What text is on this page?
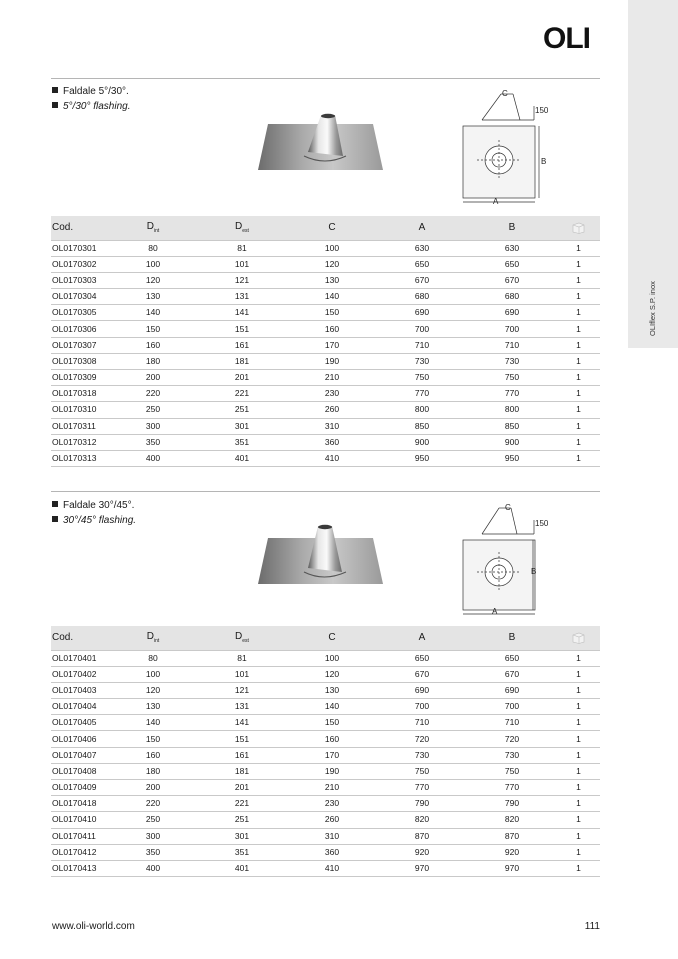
OLIflex S.P. inox
OLI
Faldale 5°/30°.
5°/30° flashing.
C
150
B
A
Cod.	$D_{int}$	$D_{est}$	C	A	B	
OL0170301	80	81	100	630	630	1
OL0170302	100	101	120	650	650	1
OL0170303	120	121	130	670	670	1
OL0170304	130	131	140	680	680	1
OL0170305	140	141	150	690	690	1
OL0170306	150	151	160	700	700	1
OL0170307	160	161	170	710	710	1
OL0170308	180	181	190	730	730	1
OL0170309	200	201	210	750	750	1
OL0170318	220	221	230	770	770	1
OL0170310	250	251	260	800	800	1
OL0170311	300	301	310	850	850	1
OL0170312	350	351	360	900	900	1
OL0170313	400	401	410	950	950	1
Faldale 30°/45°.
30°/45° flashing.
C
150
B
A
Cod.	$D_{int}$	$D_{est}$	C	A	B	
OL0170401	80	81	100	650	650	1
OL0170402	100	101	120	670	670	1
OL0170403	120	121	130	690	690	1
OL0170404	130	131	140	700	700	1
OL0170405	140	141	150	710	710	1
OL0170406	150	151	160	720	720	1
OL0170407	160	161	170	730	730	1
OL0170408	180	181	190	750	750	1
OL0170409	200	201	210	770	770	1
OL0170418	220	221	230	790	790	1
OL0170410	250	251	260	820	820	1
OL0170411	300	301	310	870	870	1
OL0170412	350	351	360	920	920	1
OL0170413	400	401	410	970	970	1
www.oli-world.com	111
